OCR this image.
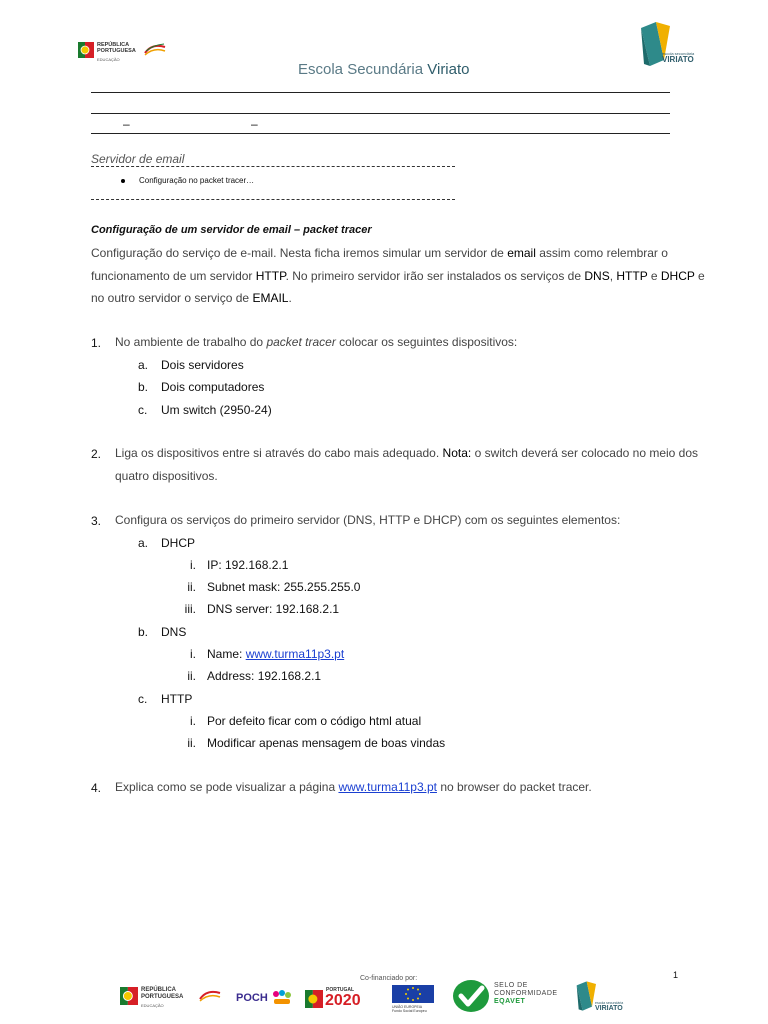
REPÚBLICA
PORTUGUESA
EDUCAÇÃO
Escola Secundária Viriato
escola secundária
VIRIATO
–	–
Servidor de email
Configuração no packet tracer…
Configuração de um servidor de email – packet tracer
Configuração do serviço de e-mail. Nesta ficha iremos simular um servidor de email assim como relembrar o
funcionamento de um servidor HTTP. No primeiro servidor irão ser instalados os serviços de DNS, HTTP e DHCP e
no outro servidor o serviço de EMAIL.
1. No ambiente de trabalho do packet tracer colocar os seguintes dispositivos:
a. Dois servidores
b. Dois computadores
c. Um switch (2950-24)
2. Liga os dispositivos entre si através do cabo mais adequado. Nota: o switch deverá ser colocado no meio dos
quatro dispositivos.
3. Configura os serviços do primeiro servidor (DNS, HTTP e DHCP) com os seguintes elementos:
a. DHCP
i. IP: 192.168.2.1
ii. Subnet mask: 255.255.255.0
iii. DNS server: 192.168.2.1
b. DNS
i. Name: www.turma11p3.pt
ii. Address: 192.168.2.1
c. HTTP
i. Por defeito ficar com o código html atual
ii. Modificar apenas mensagem de boas vindas
4. Explica como se pode visualizar a página www.turma11p3.pt no browser do packet tracer.
1
REPÚBLICA
PORTUGUESA
EDUCAÇÃO
POCH
Co-financiado por:
PORTUGAL
2020	UNIÃO EUROPEIA
Fundo Social Europeu
SELO DE
CONFORMIDADE
EQAVET	escola secundária
VIRIATO
